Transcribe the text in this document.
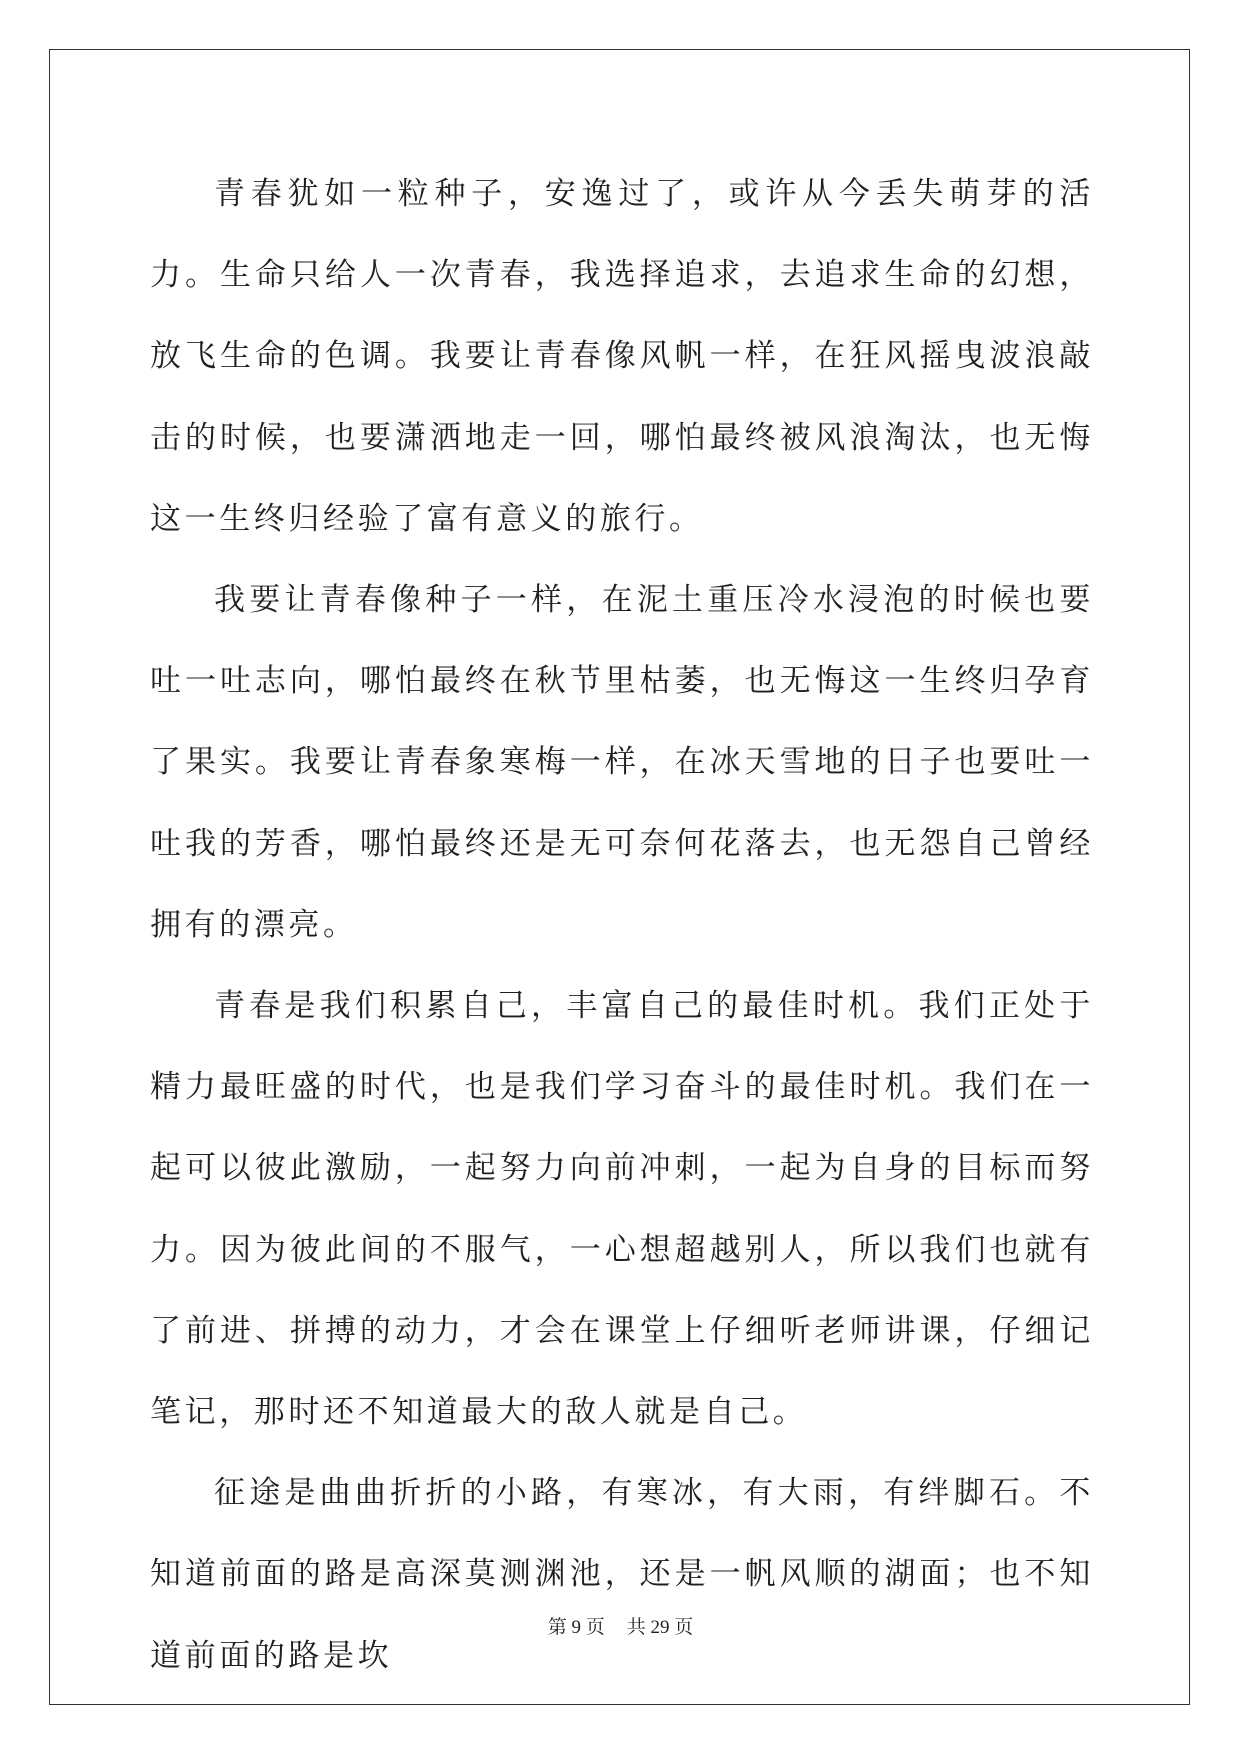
青春犹如一粒种子，安逸过了，或许从今丢失萌芽的活力。生命只给人一次青春，我选择追求，去追求生命的幻想，放飞生命的色调。我要让青春像风帆一样，在狂风摇曳波浪敲击的时候，也要潇洒地走一回，哪怕最终被风浪淘汰，也无悔这一生终归经验了富有意义的旅行。

我要让青春像种子一样，在泥土重压冷水浸泡的时候也要吐一吐志向，哪怕最终在秋节里枯萎，也无悔这一生终归孕育了果实。我要让青春象寒梅一样，在冰天雪地的日子也要吐一吐我的芳香，哪怕最终还是无可奈何花落去，也无怨自己曾经拥有的漂亮。

青春是我们积累自己，丰富自己的最佳时机。我们正处于精力最旺盛的时代，也是我们学习奋斗的最佳时机。我们在一起可以彼此激励，一起努力向前冲刺，一起为自身的目标而努力。因为彼此间的不服气，一心想超越别人，所以我们也就有了前进、拼搏的动力，才会在课堂上仔细听老师讲课，仔细记笔记，那时还不知道最大的敌人就是自己。

征途是曲曲折折的小路，有寒冰，有大雨，有绊脚石。不知道前面的路是高深莫测渊池，还是一帆风顺的湖面；也不知道前面的路是坎

第 9 页 共 29 页
